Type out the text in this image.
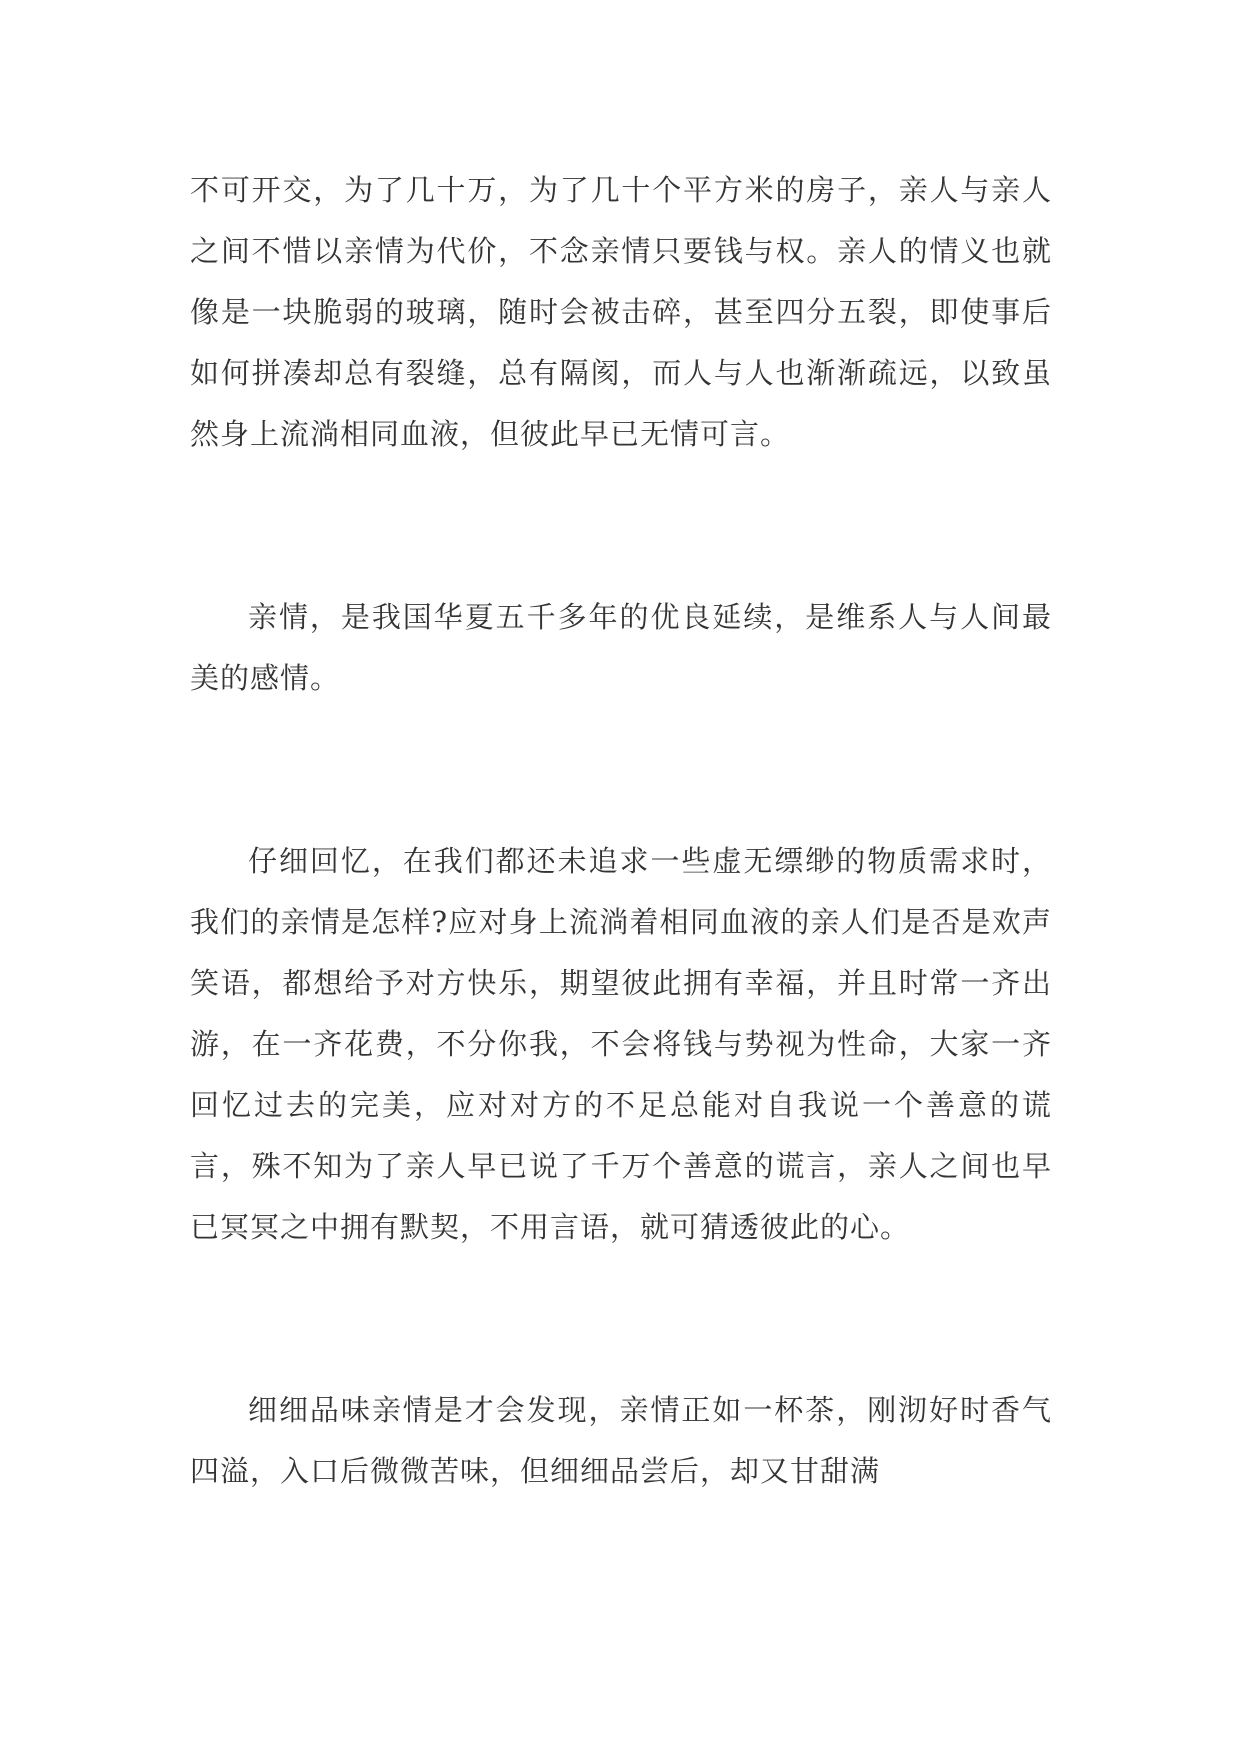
不可开交，为了几十万，为了几十个平方米的房子，亲人与亲人之间不惜以亲情为代价，不念亲情只要钱与权。亲人的情义也就像是一块脆弱的玻璃，随时会被击碎，甚至四分五裂，即使事后如何拼凑却总有裂缝，总有隔阂，而人与人也渐渐疏远，以致虽然身上流淌相同血液，但彼此早已无情可言。

亲情，是我国华夏五千多年的优良延续，是维系人与人间最美的感情。

仔细回忆，在我们都还未追求一些虚无缥缈的物质需求时，我们的亲情是怎样?应对身上流淌着相同血液的亲人们是否是欢声笑语，都想给予对方快乐，期望彼此拥有幸福，并且时常一齐出游，在一齐花费，不分你我，不会将钱与势视为性命，大家一齐回忆过去的完美，应对对方的不足总能对自我说一个善意的谎言，殊不知为了亲人早已说了千万个善意的谎言，亲人之间也早已冥冥之中拥有默契，不用言语，就可猜透彼此的心。

细细品味亲情是才会发现，亲情正如一杯茶，刚沏好时香气四溢，入口后微微苦味，但细细品尝后，却又甘甜满
